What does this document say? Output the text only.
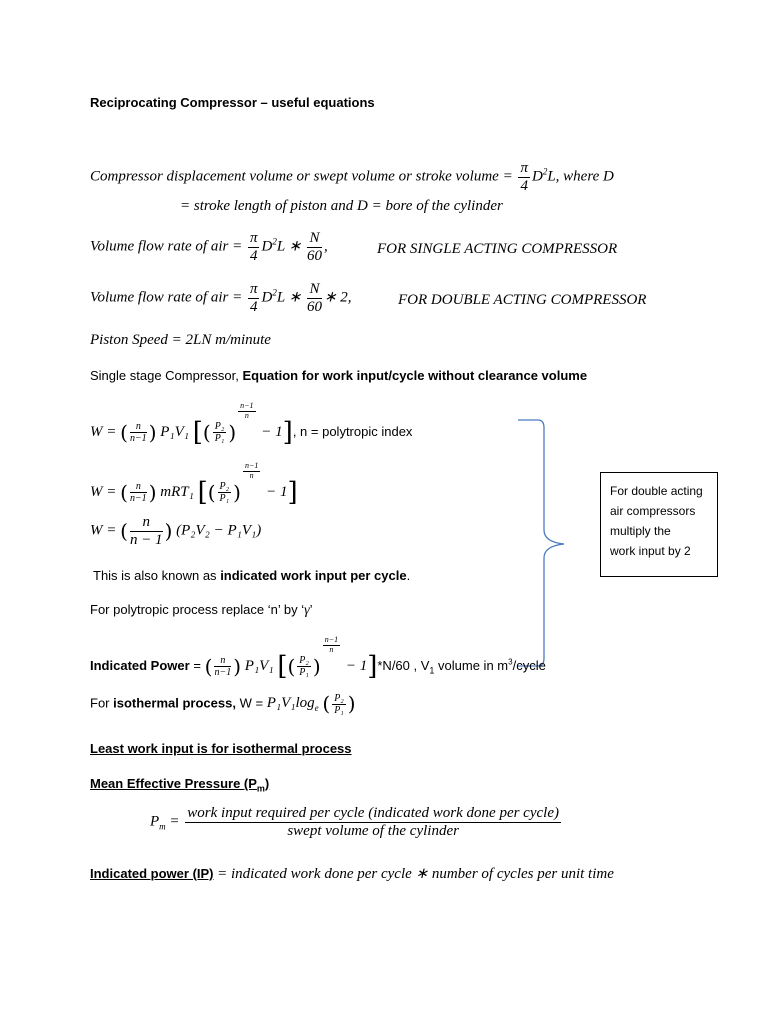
Reciprocating Compressor – useful equations
Compressor displacement volume or swept volume or stroke volume = $\frac{\pi}{4} D^2L$, where D
= stroke length of piston and D = bore of the cylinder
Volume flow rate of air = $\frac{\pi}{4} D^2L$ ∗ $\frac{N}{60}$ ,	FOR SINGLE ACTING COMPRESSOR
Volume flow rate of air = $\frac{\pi}{4} D^2L$ ∗ $\frac{N}{60}$ ∗ 2,	FOR DOUBLE ACTING COMPRESSOR
Piston Speed = 2LN m/minute
Single stage Compressor, Equation for work input/cycle without clearance volume
W = ( $\frac{n}{n-1}$ ) P₁V₁ [( $\frac{\text{P₂}}{\text{P₁}}$ )
$\frac{n-1}{n}$
− 1], n = polytropic index
W = ( $\frac{n}{n-1}$ ) mRT₁ [( $\frac{\text{P₂}}{\text{P₁}}$ )
$\frac{n-1}{n}$
− 1]
W = ( $\frac{n}{n - 1}$ ) (P₂V₂ − P₁V₁)
For double acting
air compressors
multiply the
work input by 2
This is also known as indicated work input per cycle.
For polytropic process replace ‘n’ by ‘γ’
Indicated Power = ( $\frac{n}{n-1}$ ) P₁V₁ [( $\frac{\text{P₂}}{\text{P₁}}$ )
$\frac{n-1}{n}$
− 1]*N/60 , $V_1$ volume in $m^3$/cycle
For isothermal process, $W = P_1V_1\log_e$ ( $\frac{\text{P₂}}{\text{P₁}}$ )
Least work input is for isothermal process
Mean Effective Pressure $(P_m)$
$P_m$ =
work input required per cycle (indicated work done per cycle)
swept volume of the cylinder
Indicated power (IP) = indicated work done per cycle ∗ number of cycles per unit time
